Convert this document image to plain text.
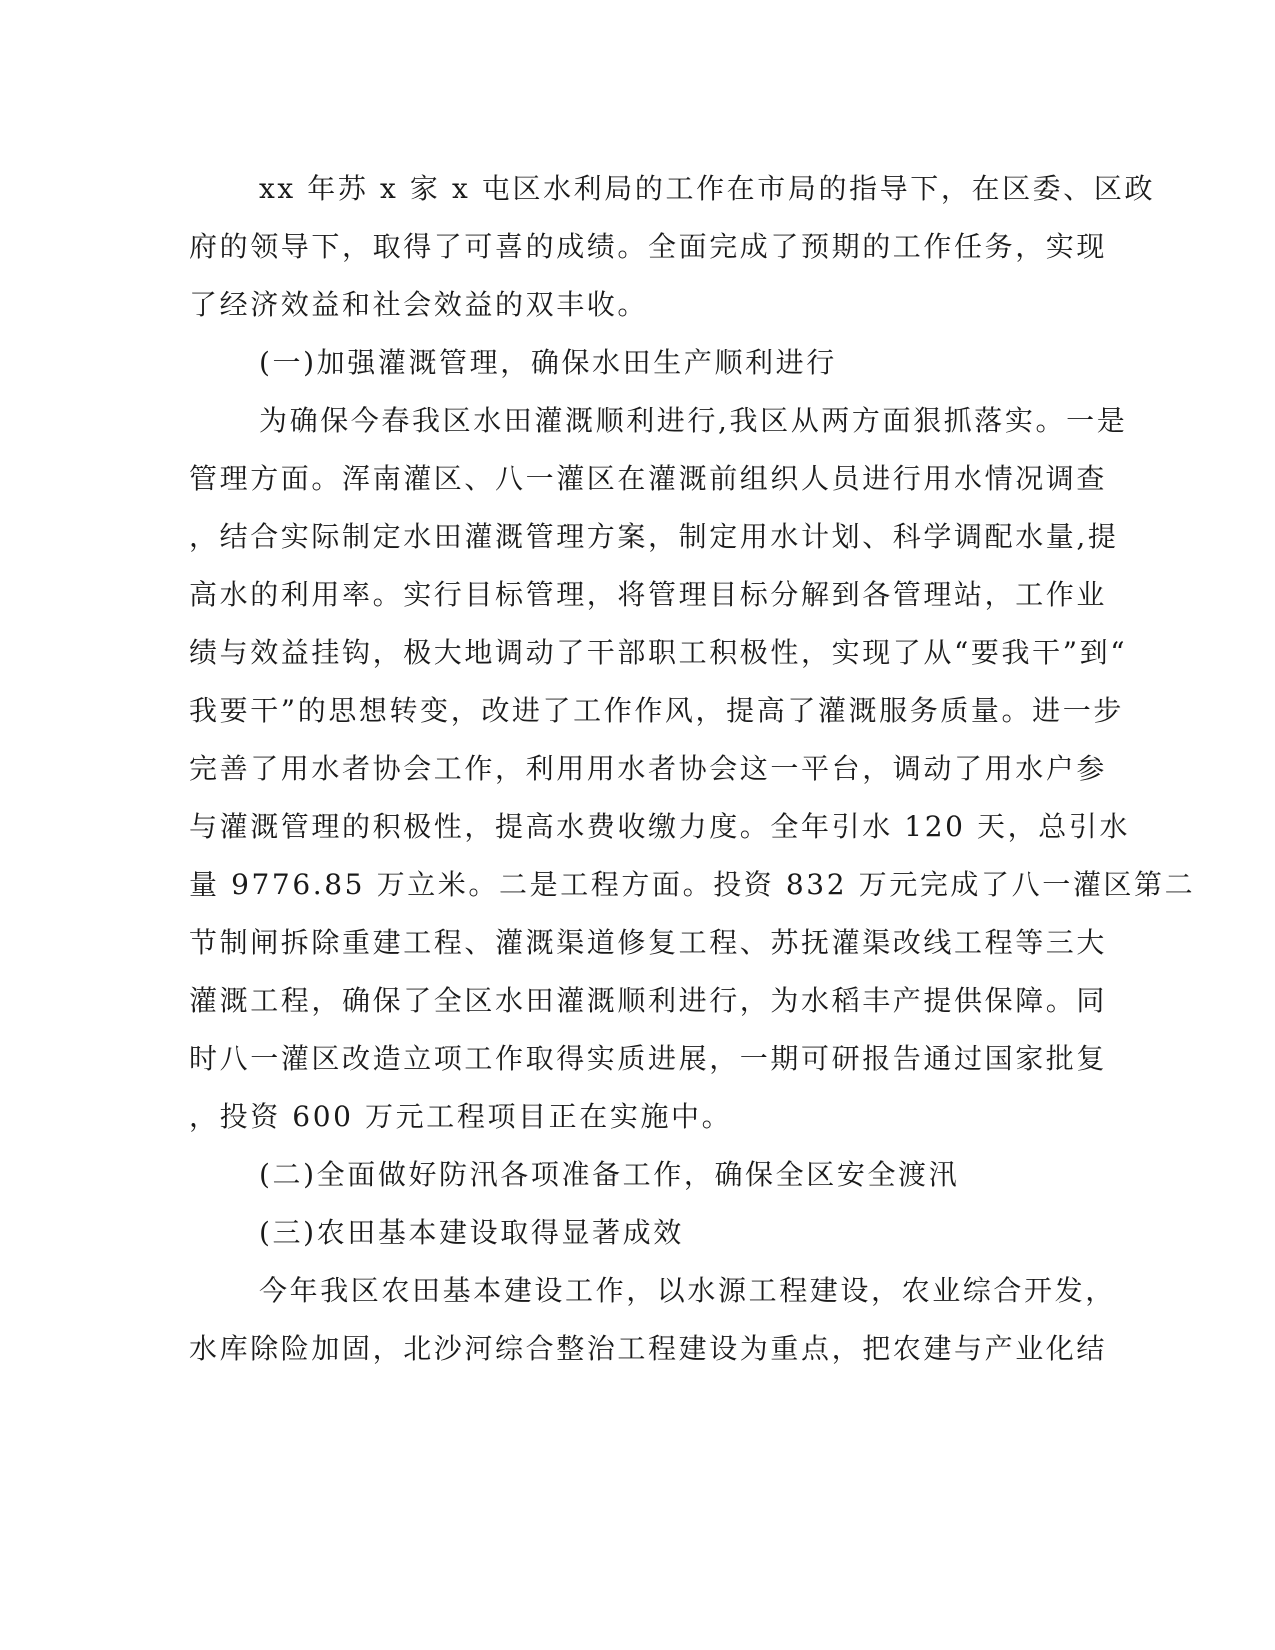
xx 年苏 x 家 x 屯区水利局的工作在市局的指导下，在区委、区政
府的领导下，取得了可喜的成绩。全面完成了预期的工作任务，实现
了经济效益和社会效益的双丰收。
(一)加强灌溉管理，确保水田生产顺利进行
为确保今春我区水田灌溉顺利进行,我区从两方面狠抓落实。一是
管理方面。浑南灌区、八一灌区在灌溉前组织人员进行用水情况调查
，结合实际制定水田灌溉管理方案，制定用水计划、科学调配水量,提
高水的利用率。实行目标管理，将管理目标分解到各管理站，工作业
绩与效益挂钩，极大地调动了干部职工积极性，实现了从“要我干”到“
我要干”的思想转变，改进了工作作风，提高了灌溉服务质量。进一步
完善了用水者协会工作，利用用水者协会这一平台，调动了用水户参
与灌溉管理的积极性，提高水费收缴力度。全年引水 120 天，总引水
量 9776.85 万立米。二是工程方面。投资 832 万元完成了八一灌区第二
节制闸拆除重建工程、灌溉渠道修复工程、苏抚灌渠改线工程等三大
灌溉工程，确保了全区水田灌溉顺利进行，为水稻丰产提供保障。同
时八一灌区改造立项工作取得实质进展，一期可研报告通过国家批复
，投资 600 万元工程项目正在实施中。
(二)全面做好防汛各项准备工作，确保全区安全渡汛
(三)农田基本建设取得显著成效
今年我区农田基本建设工作，以水源工程建设，农业综合开发，
水库除险加固，北沙河综合整治工程建设为重点，把农建与产业化结
